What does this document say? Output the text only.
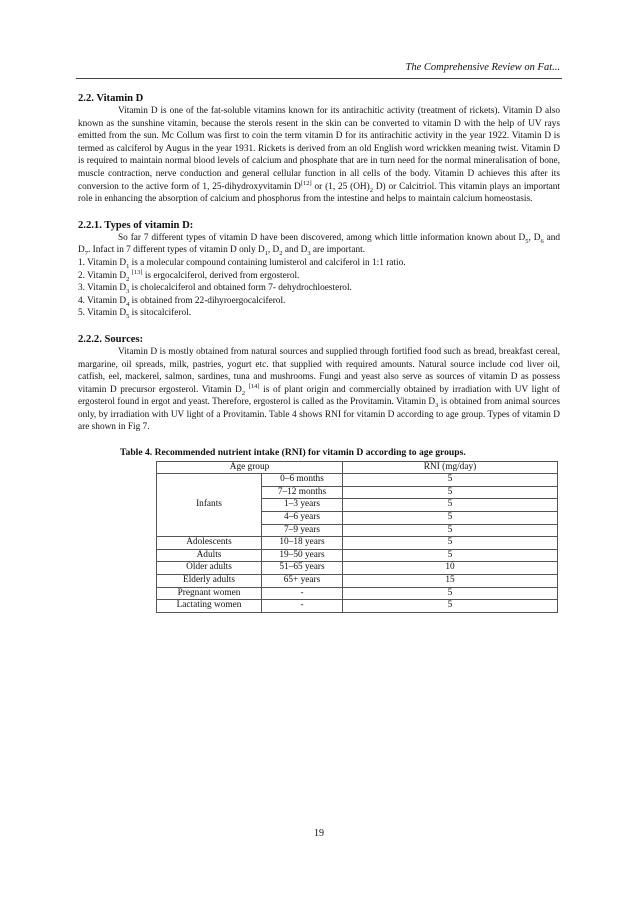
The Comprehensive Review on Fat...
2.2. Vitamin D

Vitamin D is one of the fat-soluble vitamins known for its antirachitic activity (treatment of rickets). Vitamin D also known as the sunshine vitamin, because the sterols resent in the skin can be converted to vitamin D with the help of UV rays emitted from the sun. Mc Collum was first to coin the term vitamin D for its antirachitic activity in the year 1922. Vitamin D is termed as calciferol by Augus in the year 1931. Rickets is derived from an old English word wrickken meaning twist. Vitamin D is required to maintain normal blood levels of calcium and phosphate that are in turn need for the normal mineralisation of bone, muscle contraction, nerve conduction and general cellular function in all cells of the body. Vitamin D achieves this after its conversion to the active form of 1, 25-dihydroxyvitamin D[12] or (1, 25 $(OH)_2$ D) or Calcitriol. This vitamin plays an important role in enhancing the absorption of calcium and phosphorus from the intestine and helps to maintain calcium homeostasis.

2.2.1. Types of vitamin D:

So far 7 different types of vitamin D have been discovered, among which little information known about $D_5$, $D_6$ and $D_7$. Infact in 7 different types of vitamin D only $D_1$, $D_2$ and $D_3$ are important.

1. Vitamin $D_1$ is a molecular compound containing lumisterol and calciferol in 1:1 ratio.
2. Vitamin $D_2$ [13] is ergocalciferol, derived from ergosterol.
3. Vitamin $D_3$ is cholecalciferol and obtained form 7- dehydrochloesterol.
4. Vitamin $D_4$ is obtained from 22-dihyroergocalciferol.
5. Vitamin $D_5$ is sitocalciferol.
2.2.2. Sources:

Vitamin D is mostly obtained from natural sources and supplied through fortified food such as bread, breakfast cereal, margarine, oil spreads, milk, pastries, yogurt etc. that supplied with required amounts. Natural source include cod liver oil, catfish, eel, mackerel, salmon, sardines, tuna and mushrooms. Fungi and yeast also serve as sources of vitamin D as possess vitamin D precursor ergosterol. Vitamin $D_2$ [14] is of plant origin and commercially obtained by irradiation with UV light of ergosterol found in ergot and yeast. Therefore, ergosterol is called as the Provitamin. Vitamin $D_3$ is obtained from animal sources only, by irradiation with UV light of a Provitamin. Table 4 shows RNI for vitamin D according to age group. Types of vitamin D are shown in Fig 7.

Table 4. Recommended nutrient intake (RNI) for vitamin D according to age groups.
Age group		RNI (mg/day)
Infants	0–6 months	5
	7–12 months	5
	1–3 years	5
	4–6 years	5
	7–9 years	5
Adolescents	10–18 years	5
Adults	19–50 years	5
Older adults	51–65 years	10
Elderly adults	65+ years	15
Pregnant women	-	5
Lactating women	-	5
19
